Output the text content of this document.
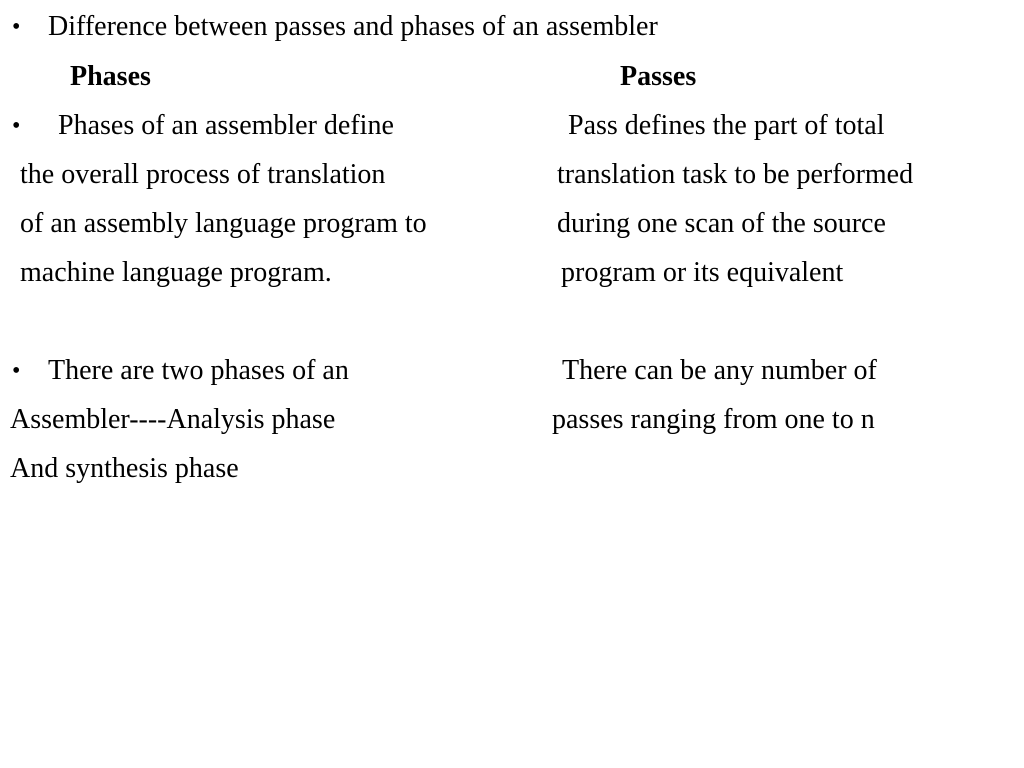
• Difference between passes and phases of an assembler
Phases	Passes
• Phases of an assembler define
the overall process of translation
of an assembly language program to
machine language program.
Pass defines the part of total
translation task to be performed
during one scan of the source
program or its equivalent
• There are two phases of an
Assembler----Analysis phase
And synthesis phase
There can be any number of
passes ranging from one to n
